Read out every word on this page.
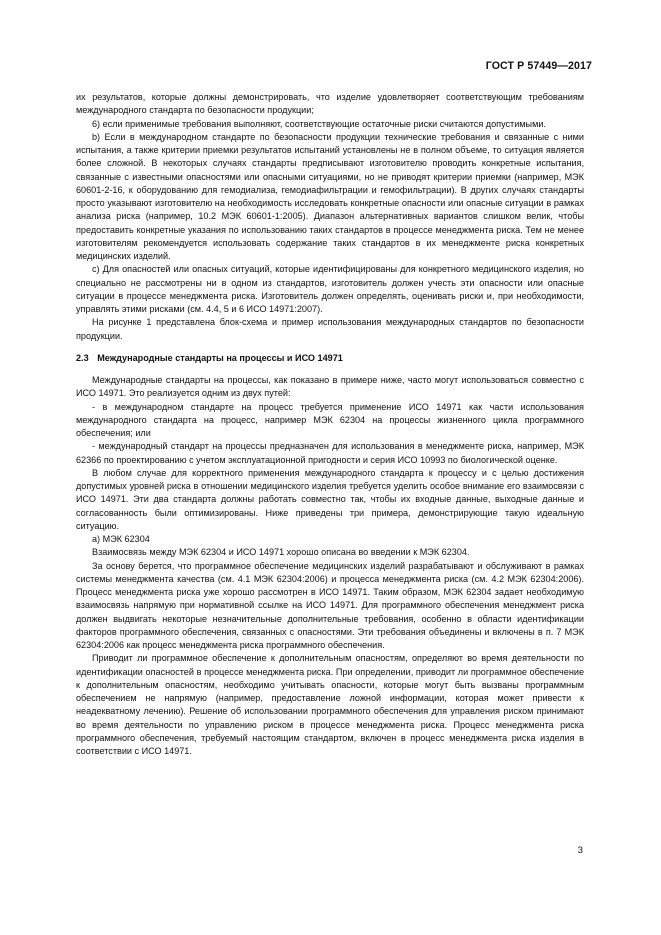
ГОСТ Р 57449—2017

их результатов, которые должны демонстрировать, что изделие удовлетворяет соответствующим требованиям международного стандарта по безопасности продукции;

6) если применимые требования выполняют, соответствующие остаточные риски считаются допустимыми.

b) Если в международном стандарте по безопасности продукции технические требования и связанные с ними испытания, а также критерии приемки результатов испытаний установлены не в полном объеме, то ситуация является более сложной. В некоторых случаях стандарты предписывают изготовителю проводить конкретные испытания, связанные с известными опасностями или опасными ситуациями, но не приводят критерии приемки (например, МЭК 60601-2-16, к оборудованию для гемодиализа, гемодиафильтрации и гемофильтрации). В других случаях стандарты просто указывают изготовителю на необходимость исследовать конкретные опасности или опасные ситуации в рамках анализа риска (например, 10.2 МЭК 60601-1:2005). Диапазон альтернативных вариантов слишком велик, чтобы предоставить конкретные указания по использованию таких стандартов в процессе менеджмента риска. Тем не менее изготовителям рекомендуется использовать содержание таких стандартов в их менеджменте риска конкретных медицинских изделий.

c) Для опасностей или опасных ситуаций, которые идентифицированы для конкретного медицинского изделия, но специально не рассмотрены ни в одном из стандартов, изготовитель должен учесть эти опасности или опасные ситуации в процессе менеджмента риска. Изготовитель должен определять, оценивать риски и, при необходимости, управлять этими рисками (см. 4.4, 5 и 6 ИСО 14971:2007).

На рисунке 1 представлена блок-схема и пример использования международных стандартов по безопасности продукции.

2.3 Международные стандарты на процессы и ИСО 14971

Международные стандарты на процессы, как показано в примере ниже, часто могут использоваться совместно с ИСО 14971. Это реализуется одним из двух путей:

- в международном стандарте на процесс требуется применение ИСО 14971 как части использования международного стандарта на процесс, например МЭК 62304 на процессы жизненного цикла программного обеспечения; или

- международный стандарт на процессы предназначен для использования в менеджменте риска, например, МЭК 62366 по проектированию с учетом эксплуатационной пригодности и серия ИСО 10993 по биологической оценке.

В любом случае для корректного применения международного стандарта к процессу и с целью достижения допустимых уровней риска в отношении медицинского изделия требуется уделить особое внимание его взаимосвязи с ИСО 14971. Эти два стандарта должны работать совместно так, чтобы их входные данные, выходные данные и согласованность были оптимизированы. Ниже приведены три примера, демонстрирующие такую идеальную ситуацию.

a) МЭК 62304

Взаимосвязь между МЭК 62304 и ИСО 14971 хорошо описана во введении к МЭК 62304.

За основу берется, что программное обеспечение медицинских изделий разрабатывают и обслуживают в рамках системы менеджмента качества (см. 4.1 МЭК 62304:2006) и процесса менеджмента риска (см. 4.2 МЭК 62304:2006). Процесс менеджмента риска уже хорошо рассмотрен в ИСО 14971. Таким образом, МЭК 62304 задает необходимую взаимосвязь напрямую при нормативной ссылке на ИСО 14971. Для программного обеспечения менеджмент риска должен выдвигать некоторые незначительные дополнительные требования, особенно в области идентификации факторов программного обеспечения, связанных с опасностями. Эти требования объединены и включены в п. 7 МЭК 62304:2006 как процесс менеджмента риска программного обеспечения.

Приводит ли программное обеспечение к дополнительным опасностям, определяют во время деятельности по идентификации опасностей в процессе менеджмента риска. При определении, приводит ли программное обеспечение к дополнительным опасностям, необходимо учитывать опасности, которые могут быть вызваны программным обеспечением не напрямую (например, предоставление ложной информации, которая может привести к неадекватному лечению). Решение об использовании программного обеспечения для управления риском принимают во время деятельности по управлению риском в процессе менеджмента риска. Процесс менеджмента риска программного обеспечения, требуемый настоящим стандартом, включен в процесс менеджмента риска изделия в соответствии с ИСО 14971.

3
